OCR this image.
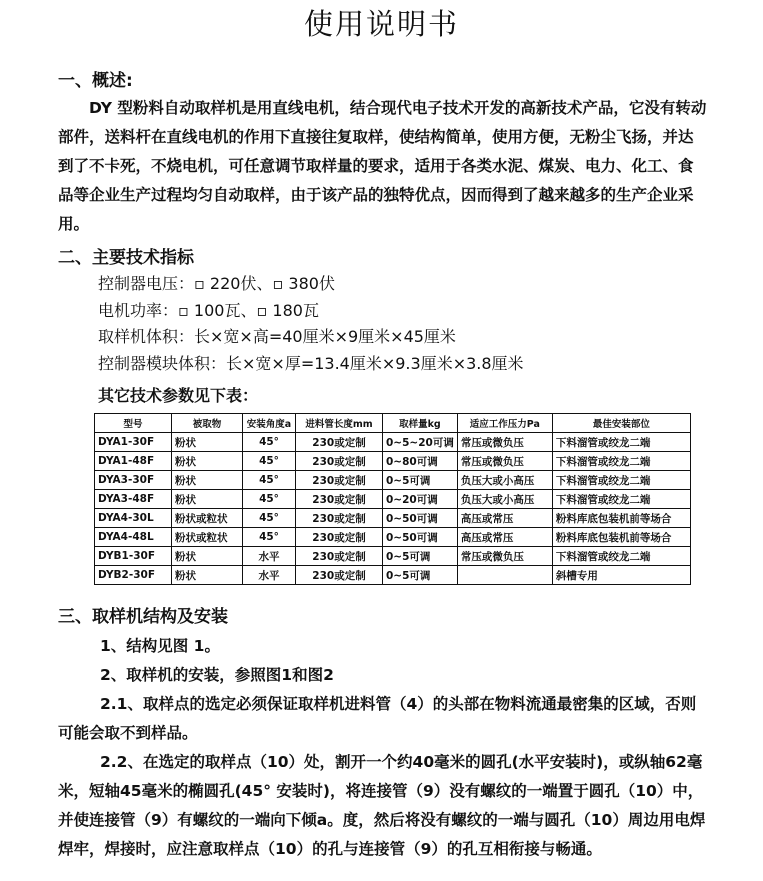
使用说明书
一、概述:

DY 型粉料自动取样机是用直线电机，结合现代电子技术开发的高新技术产品，它没有转动部件，送料杆在直线电机的作用下直接往复取样，使结构简单，使用方便，无粉尘飞扬，并达到了不卡死，不烧电机，可任意调节取样量的要求，适用于各类水泥、煤炭、电力、化工、食品等企业生产过程均匀自动取样，由于该产品的独特优点，因而得到了越来越多的生产企业采用。

二、主要技术指标
控制器电压：▫ 220伏、▫ 380伏
电机功率：▫ 100瓦、▫ 180瓦
取样机体积：长×宽×高=40厘米×9厘米×45厘米
控制器模块体积：长×宽×厚=13.4厘米×9.3厘米×3.8厘米
其它技术参数见下表：
型号	被取物	安装角度a	进料管长度mm	取样量kg	适应工作压力Pa	最佳安装部位
DYA1-30F	粉状	45°	230或定制	0~5~20可调	常压或微负压	下料溜管或绞龙二端
DYA1-48F	粉状	45°	230或定制	0~80可调	常压或微负压	下料溜管或绞龙二端
DYA3-30F	粉状	45°	230或定制	0~5可调	负压大或小高压	下料溜管或绞龙二端
DYA3-48F	粉状	45°	230或定制	0~20可调	负压大或小高压	下料溜管或绞龙二端
DYA4-30L	粉状或粒状	45°	230或定制	0~50可调	高压或常压	粉料库底包装机前等场合
DYA4-48L	粉状或粒状	45°	230或定制	0~50可调	高压或常压	粉料库底包装机前等场合
DYB1-30F	粉状	水平	230或定制	0~5可调	常压或微负压	下料溜管或绞龙二端
DYB2-30F	粉状	水平	230或定制	0~5可调		斜槽专用

三、取样机结构及安装

1、结构见图 1。

2、取样机的安装，参照图1和图2

2.1、取样点的选定必须保证取样机进料管（4）的头部在物料流通最密集的区域，否则可能会取不到样品。

2.2、在选定的取样点（10）处，割开一个约40毫米的圆孔(水平安装时)，或纵轴62毫米，短轴45毫米的椭圆孔(45° 安装时)，将连接管（9）没有螺纹的一端置于圆孔（10）中，并使连接管（9）有螺纹的一端向下倾a。度，然后将没有螺纹的一端与圆孔（10）周边用电焊焊牢，焊接时，应注意取样点（10）的孔与连接管（9）的孔互相衔接与畅通。
